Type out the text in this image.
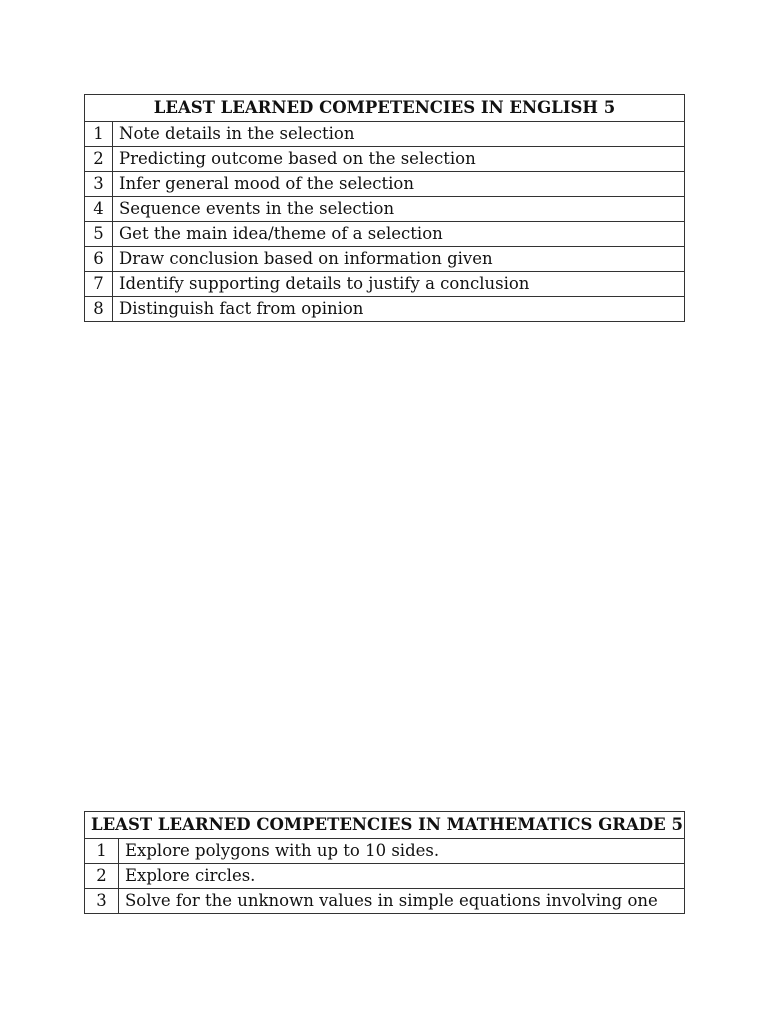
LEAST LEARNED COMPETENCIES IN ENGLISH 5	
1	Note details in the selection
2	Predicting outcome based on the selection
3	Infer general mood of the selection
4	Sequence events in the selection
5	Get the main idea/theme of a selection
6	Draw conclusion based on information given
7	Identify supporting details to justify a conclusion
8	Distinguish fact from opinion
LEAST LEARNED COMPETENCIES IN MATHEMATICS GRADE 5	
1	Explore polygons with up to 10 sides.
2	Explore circles.
3	Solve for the unknown values in simple equations involving one
